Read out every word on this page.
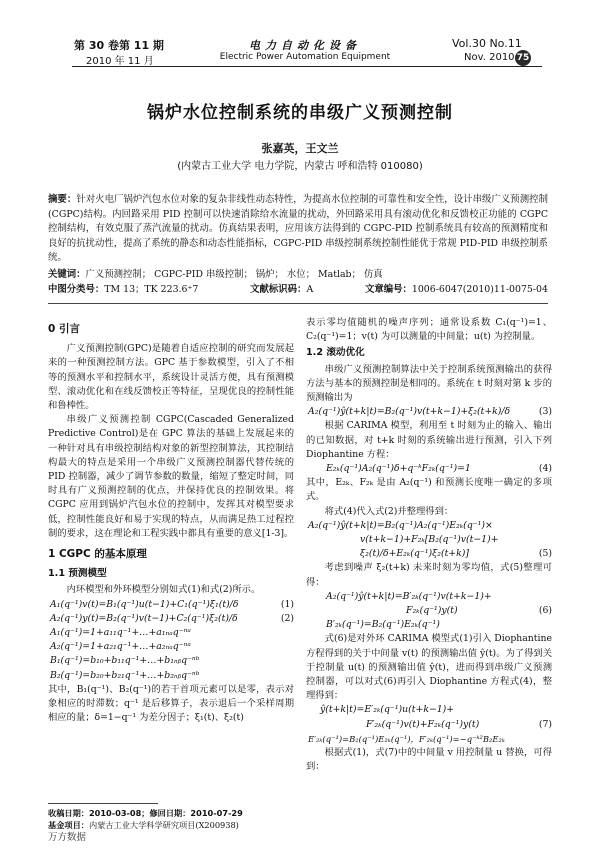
第 30 卷第 11 期
2010 年 11 月
电力自动化设备
Electric Power Automation Equipment
Vol.30 No.11
Nov. 2010 75
锅炉水位控制系统的串级广义预测控制
张嘉英，王文兰
(内蒙古工业大学 电力学院，内蒙古 呼和浩特 010080)
摘要：针对火电厂锅炉汽包水位对象的复杂非线性动态特性，为提高水位控制的可靠性和安全性，设计串级广义预测控制(CGPC)结构。内回路采用 PID 控制可以快速消除给水流量的扰动，外回路采用具有滚动优化和反馈校正功能的 CGPC 控制结构，有效克服了蒸汽流量的扰动。仿真结果表明，应用该方法得到的 CGPC-PID 控制系统具有较高的预测精度和良好的抗扰动性，提高了系统的静态和动态性能指标，CGPC-PID 串级控制系统控制性能优于常规 PID-PID 串级控制系统。
关键词：广义预测控制； CGPC-PID 串级控制； 锅炉； 水位； Matlab； 仿真
中图分类号：TM 13；TK 223.6⁺7	文献标识码：A	文章编号：1006-6047(2010)11-0075-04
0 引言

广义预测控制(GPC)是随着自适应控制的研究而发展起来的一种预测控制方法。GPC 基于参数模型，引入了不相等的预测水平和控制水平，系统设计灵活方便，具有预测模型、滚动优化和在线反馈校正等特征，呈现优良的控制性能和鲁棒性。

串级广义预测控制 CGPC(Cascaded Generalized Predictive Control)是在 GPC 算法的基础上发展起来的一种针对具有串级控制结构对象的新型控制算法，其控制结构最大的特点是采用一个串级广义预测控制器代替传统的 PID 控制器，减少了调节参数的数量，缩短了整定时间，同时具有广义预测控制的优点，并保持优良的控制效果。将 CGPC 应用到锅炉汽包水位的控制中，发挥其对模型要求低，控制性能良好和易于实现的特点，从而满足热工过程控制的要求，这在理论和工程实践中都具有重要的意义[1-3]。

1 CGPC 的基本原理
1.1 预测模型

内环模型和外环模型分别如式(1)和式(2)所示。

A₁(q⁻¹)v(t)=B₁(q⁻¹)u(t−1)+C₁(q⁻¹)ξ₁(t)/δ	(1)
A₂(q⁻¹)y(t)=B₂(q⁻¹)v(t−1)+C₂(q⁻¹)ξ₂(t)/δ	(2)
A₁(q⁻¹)=1+a₁₁q⁻¹+…+a₁ₙₐq⁻ⁿᵃ
A₂(q⁻¹)=1+a₂₁q⁻¹+…+a₂ₙₐq⁻ⁿᵃ
B₁(q⁻¹)=b₁₀+b₁₁q⁻¹+…+b₁ₙᵦq⁻ⁿᵇ
B₂(q⁻¹)=b₂₀+b₂₁q⁻¹+…+b₂ₙᵦq⁻ⁿᵇ

其中，B₁(q⁻¹)、B₂(q⁻¹)的若干首项元素可以是零，表示对象相应的时滞数；q⁻¹ 是后移算子，表示退后一个采样周期相应的量；δ=1−q⁻¹ 为差分因子；ξ₁(t)、ξ₂(t)

表示零均值随机的噪声序列；通常设系数 C₁(q⁻¹)=1、C₂(q⁻¹)=1；v(t) 为可以测量的中间量；u(t) 为控制量。

1.2 滚动优化

串级广义预测控制算法中关于控制系统预测输出的获得方法与基本的预测控制是相同的。系统在 t 时刻对第 k 步的预测输出为

A₂(q⁻¹)ŷ(t+k|t)=B₂(q⁻¹)v(t+k−1)+ξ₂(t+k)/δ	(3)

根据 CARIMA 模型，利用至 t 时刻为止的输入、输出的已知数据，对 t+k 时刻的系统输出进行预测，引入下列 Diophantine 方程：

E₂ₖ(q⁻¹)A₂(q⁻¹)δ+q⁻ᵏF₂ₖ(q⁻¹)=1	(4)

其中，E₂ₖ、F₂ₖ 是由 A₂(q⁻¹) 和预测长度唯一确定的多项式。

将式(4)代入式(2)并整理得到：

A₂(q⁻¹)ŷ(t+k|t)=B₂(q⁻¹)A₂(q⁻¹)E₂ₖ(q⁻¹)×
v(t+k−1)+F₂ₖ[B₂(q⁻¹)v(t−1)+
ξ₂(t)/δ+E₂ₖ(q⁻¹)ξ₂(t+k)]	(5)

考虑到噪声 ξ₂(t+k) 未来时刻为零均值，式(5)整理可得：

A₂(q⁻¹)ŷ(t+k|t)=B′₂ₖ(q⁻¹)v(t+k−1)+
F₂ₖ(q⁻¹)y(t)	(6)
B′₂ₖ(q⁻¹)=B₂(q⁻¹)E₂ₖ(q⁻¹)

式(6)是对外环 CARIMA 模型式(1)引入 Diophantine 方程得到的关于中间量 v(t) 的预测输出值 ŷ(t)。为了得到关于控制量 u(t) 的预测输出值 ŷ(t)，进而得到串级广义预测控制器，可以对式(6)再引入 Diophantine 方程式(4)，整理得到：

ŷ(t+k|t)=E′₂ₖ(q⁻¹)u(t+k−1)+
F′₂ₖ(q⁻¹)v(t)+F₂ₖ(q⁻¹)y(t)	(7)
E′₂ₖ(q⁻¹)=B₂(q⁻¹)E₂ₖ(q⁻¹)，F′₂ₖ(q⁻¹)=−q⁻ᵏ²B₂E₂ₖ

根据式(1)，式(7)中的中间量 v 用控制量 u 替换，可得到：

收稿日期：2010-03-08；修回日期：2010-07-29
基金项目：内蒙古工业大学科学研究项目(X200938)
万方数据
